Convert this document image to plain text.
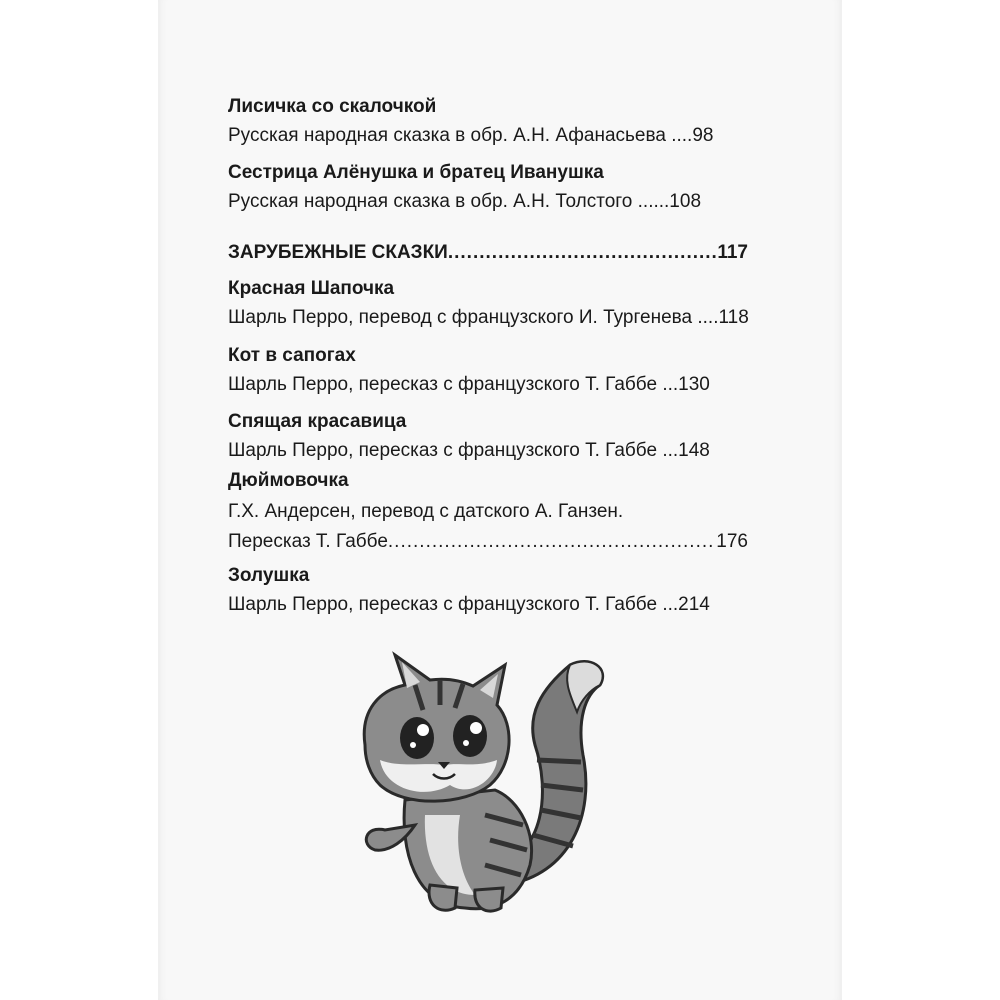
Лисичка со скалочкой
Русская народная сказка в обр. А.Н. Афанасьева ....98
Сестрица Алёнушка и братец Иванушка
Русская народная сказка в обр. А.Н. Толстого ......108
ЗАРУБЕЖНЫЕ СКАЗКИ .....	117
Красная Шапочка
Шарль Перро, перевод с французского И. Тургенева ....118
Кот в сапогах
Шарль Перро, пересказ с французского Т. Габбе ...130
Спящая красавица
Шарль Перро, пересказ с французского Т. Габбе ...148
Дюймовочка
Г.Х. Андерсен, перевод с датского А. Ганзен.
Пересказ Т. Габбе .....	176
Золушка
Шарль Перро, пересказ с французского Т. Габбе ...214
